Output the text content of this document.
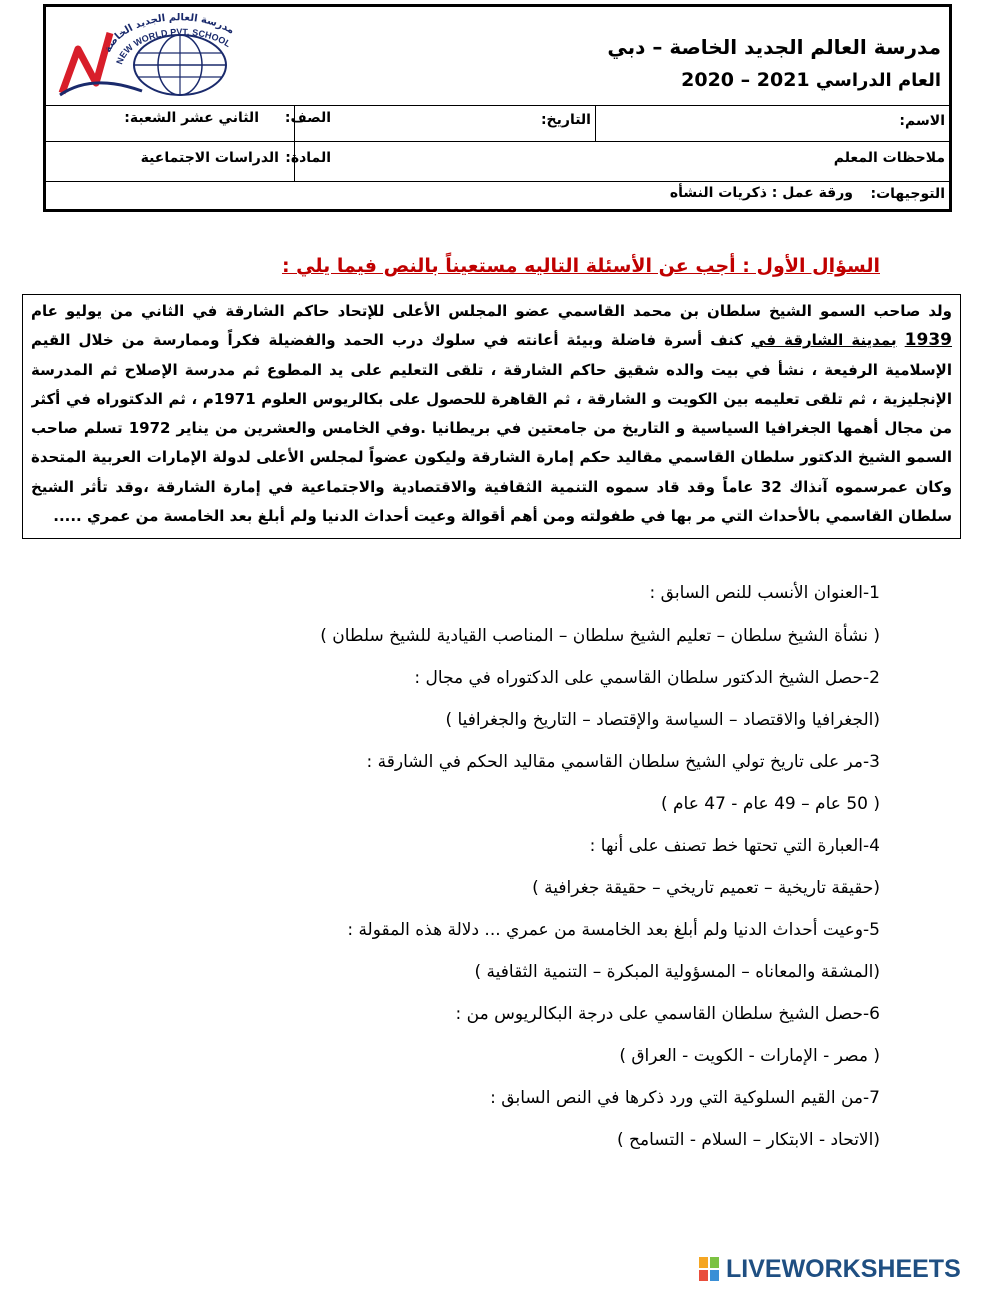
مدرسة العالم الجديد الخاصة
NEW WORLD PVT. SCHOOL	مدرسة العالم الجديد الخاصة – دبي
العام الدراسي 2021 – 2020
الاسم:
التاريخ:
الصف:
الثاني عشر الشعبة:
ملاحظات المعلم
المادة:
الدراسات الاجتماعية
التوجيهات:
ورقة عمل : ذكريات النشأه
السؤال الأول : أجب عن الأسئلة التاليه مستعيناً بالنص فيما يلي :
ولد صاحب السمو الشيخ سلطان بن محمد القاسمي عضو المجلس الأعلى للإتحاد حاكم الشارقة في الثاني من يوليو عام
1939 بمدينة الشارقة في كنف أسرة فاضلة وبيئة أعانته في سلوك درب الحمد والفضيلة فكراً وممارسة من خلال القيم
الإسلامية الرفيعة ، نشأ في بيت والده شقيق حاكم الشارقة ، تلقى التعليم على يد المطوع ثم مدرسة الإصلاح ثم المدرسة
الإنجليزية ، ثم تلقى تعليمه بين الكويت و الشارقة ، ثم القاهرة للحصول على بكالريوس العلوم 1971م ، ثم الدكتوراه في أكثر
من مجال أهمها الجغرافيا السياسية و التاريخ من جامعتين في بريطانيا .وفي الخامس والعشرين من يناير 1972 تسلم صاحب
السمو الشيخ الدكتور سلطان القاسمي مقاليد حكم إمارة الشارقة وليكون عضواً لمجلس الأعلى لدولة الإمارات العربية المتحدة
وكان عمرسموه آنذاك 32 عاماً وقد قاد سموه التنمية الثقافية والاقتصادية والاجتماعية في إمارة الشارقة ،وقد تأثر الشيخ
سلطان القاسمي بالأحداث التي مر بها في طفولته ومن أهم أقوالة وعيت أحداث الدنيا ولم أبلغ بعد الخامسة من عمري .....
1-العنوان الأنسب للنص السابق :
( نشأة الشيخ سلطان – تعليم الشيخ سلطان – المناصب القيادية للشيخ سلطان )
2-حصل الشيخ الدكتور سلطان القاسمي على الدكتوراه في مجال :
(الجغرافيا والاقتصاد – السياسة والإقتصاد – التاريخ والجغرافيا )
3-مر على تاريخ تولي الشيخ سلطان القاسمي مقاليد الحكم في الشارقة :
( 50 عام – 49 عام - 47 عام )
4-العبارة التي تحتها خط تصنف على أنها :
(حقيقة تاريخية – تعميم تاريخي – حقيقة جغرافية )
5-وعيت أحداث الدنيا ولم أبلغ بعد الخامسة من عمري ... دلالة هذه المقولة :
(المشقة والمعاناه – المسؤولية المبكرة – التنمية الثقافية )
6-حصل الشيخ سلطان القاسمي على درجة البكالريوس من :
( مصر - الإمارات - الكويت - العراق )
7-من القيم السلوكية التي ورد ذكرها في النص السابق :
(الاتحاد - الابتكار – السلام - التسامح )
LIVEWORKSHEETS
